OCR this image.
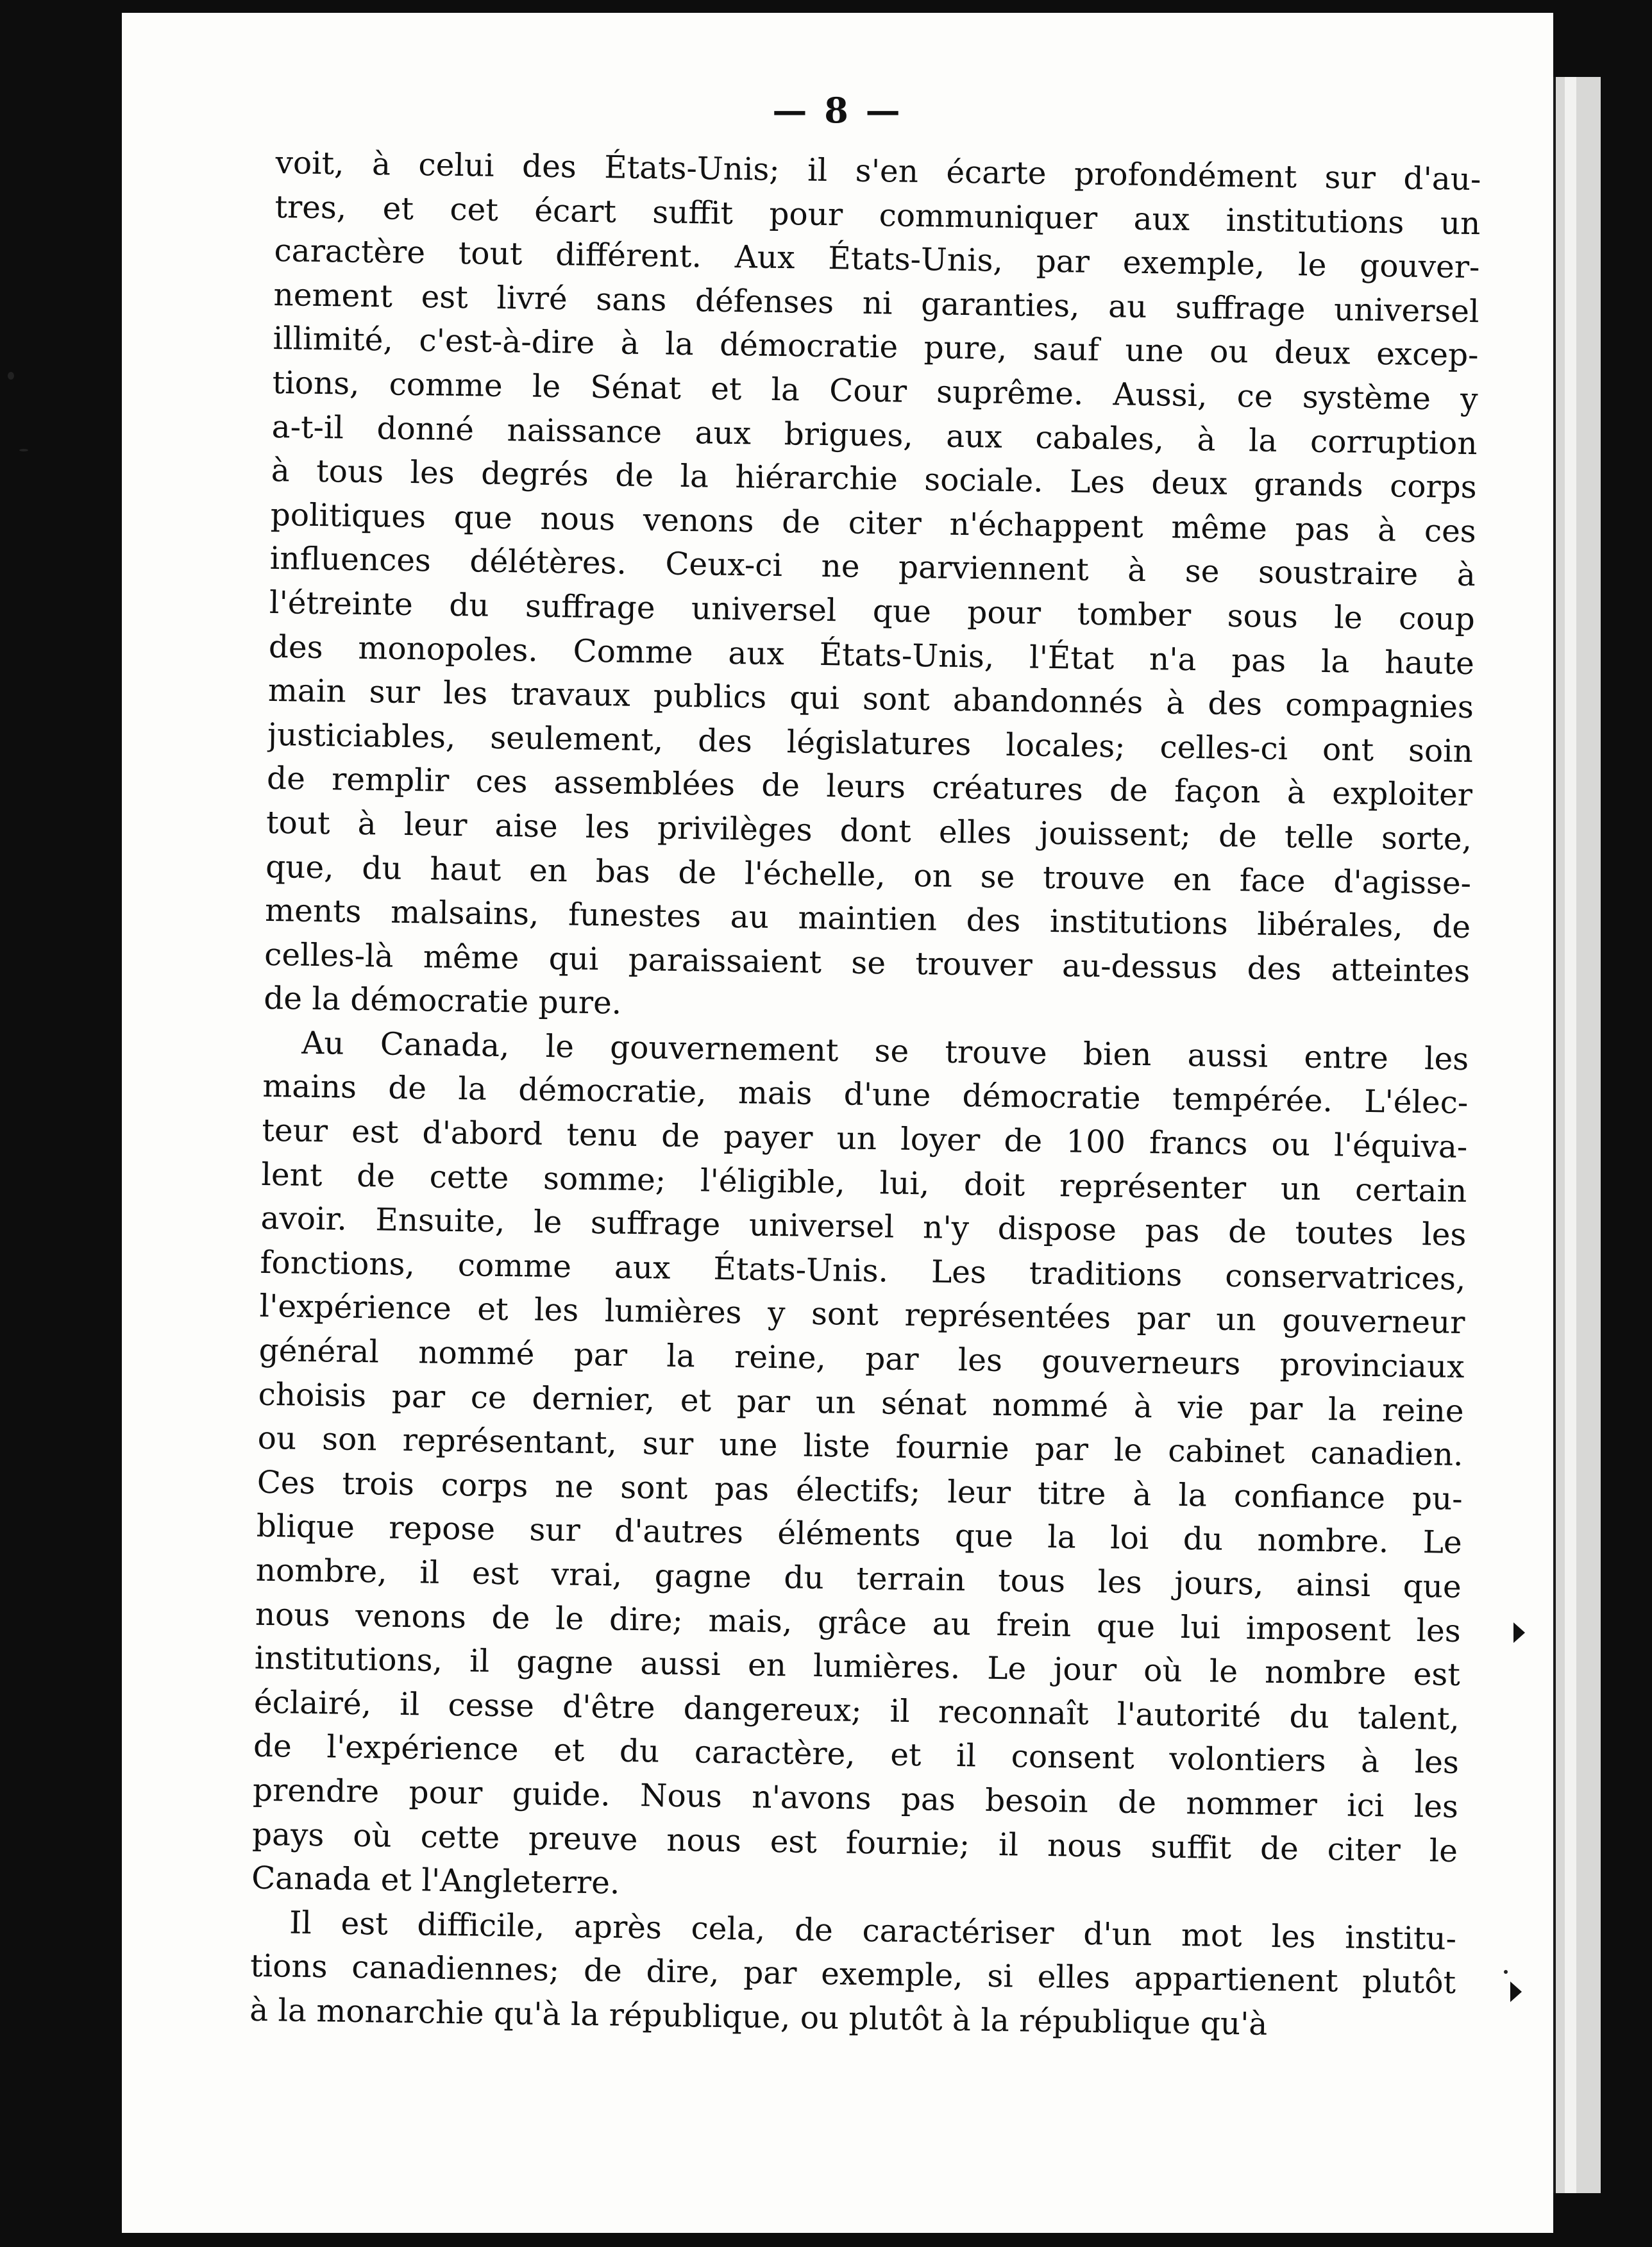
— 8 —
voit, à celui des États-Unis; il s'en écarte profondément sur d'au-
tres, et cet écart suffit pour communiquer aux institutions un
caractère tout différent. Aux États-Unis, par exemple, le gouver-
nement est livré sans défenses ni garanties, au suffrage universel
illimité, c'est-à-dire à la démocratie pure, sauf une ou deux excep-
tions, comme le Sénat et la Cour suprême. Aussi, ce système y
a-t-il donné naissance aux brigues, aux cabales, à la corruption
à tous les degrés de la hiérarchie sociale. Les deux grands corps
politiques que nous venons de citer n'échappent même pas à ces
influences délétères. Ceux-ci ne parviennent à se soustraire à
l'étreinte du suffrage universel que pour tomber sous le coup
des monopoles. Comme aux États-Unis, l'État n'a pas la haute
main sur les travaux publics qui sont abandonnés à des compagnies
justiciables, seulement, des législatures locales; celles-ci ont soin
de remplir ces assemblées de leurs créatures de façon à exploiter
tout à leur aise les privilèges dont elles jouissent; de telle sorte,
que, du haut en bas de l'échelle, on se trouve en face d'agisse-
ments malsains, funestes au maintien des institutions libérales, de
celles-là même qui paraissaient se trouver au-dessus des atteintes
de la démocratie pure.
Au Canada, le gouvernement se trouve bien aussi entre les
mains de la démocratie, mais d'une démocratie tempérée. L'élec-
teur est d'abord tenu de payer un loyer de 100 francs ou l'équiva-
lent de cette somme; l'éligible, lui, doit représenter un certain
avoir. Ensuite, le suffrage universel n'y dispose pas de toutes les
fonctions, comme aux États-Unis. Les traditions conservatrices,
l'expérience et les lumières y sont représentées par un gouverneur
général nommé par la reine, par les gouverneurs provinciaux
choisis par ce dernier, et par un sénat nommé à vie par la reine
ou son représentant, sur une liste fournie par le cabinet canadien.
Ces trois corps ne sont pas électifs; leur titre à la confiance pu-
blique repose sur d'autres éléments que la loi du nombre. Le
nombre, il est vrai, gagne du terrain tous les jours, ainsi que
nous venons de le dire; mais, grâce au frein que lui imposent les
institutions, il gagne aussi en lumières. Le jour où le nombre est
éclairé, il cesse d'être dangereux; il reconnaît l'autorité du talent,
de l'expérience et du caractère, et il consent volontiers à les
prendre pour guide. Nous n'avons pas besoin de nommer ici les
pays où cette preuve nous est fournie; il nous suffit de citer le
Canada et l'Angleterre.
Il est difficile, après cela, de caractériser d'un mot les institu-
tions canadiennes; de dire, par exemple, si elles appartienent plutôt
à la monarchie qu'à la république, ou plutôt à la république qu'à
